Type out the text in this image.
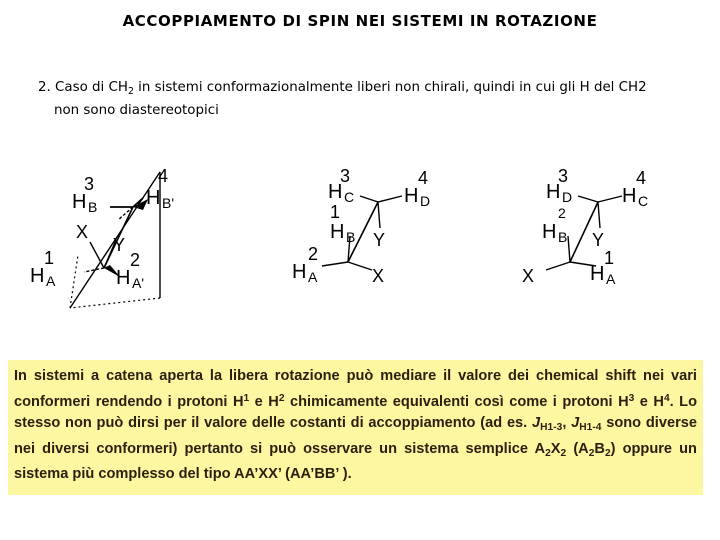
ACCOPPIAMENTO DI SPIN NEI SISTEMI IN ROTAZIONE
2. Caso di $CH_2$ in sistemi conformazionalmente liberi non chirali, quindi in cui gli H del CH2
non sono diastereotopici
3	4
H B H B'
X
Y
1	2
H A	H A'
3	4
H C H D
1
H B Y
2
H A	X
3	4
H D H C
2
H B Y
1
X	H A

In sistemi a catena aperta la libera rotazione può mediare il valore dei chemical shift nei vari conformeri rendendo i protoni $H^1$ e $H^2$ chimicamente equivalenti così come i protoni $H^3$ e $H^4$. Lo stesso non può dirsi per il valore delle costanti di accoppiamento (ad es. $J_{H1-3}$, $J_{H1-4}$ sono diverse nei diversi conformeri) pertanto si può osservare un sistema semplice $A_2X_2$ $(A_2B_2)$ oppure un sistema più complesso del tipo AA’XX’ (AA’BB’ ).
